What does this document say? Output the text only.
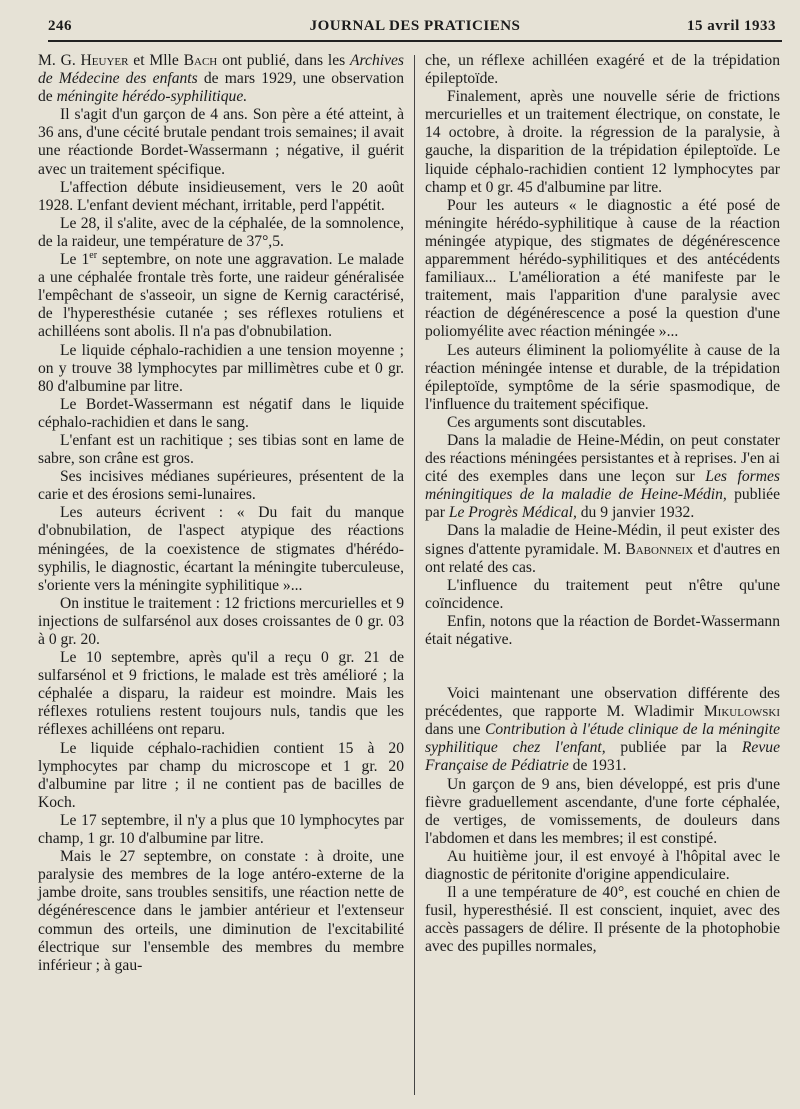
246	JOURNAL DES PRATICIENS	15 avril 1933

M. G. Heuyer et Mlle Bach ont publié, dans les Archives de Médecine des enfants de mars 1929, une observation de méningite hérédo-syphilitique.

Il s'agit d'un garçon de 4 ans. Son père a été atteint, à 36 ans, d'une cécité brutale pendant trois semaines; il avait une réactionde Bordet-Wassermann ; négative, il guérit avec un traitement spécifique.

L'affection débute insidieusement, vers le 20 août 1928. L'enfant devient méchant, irritable, perd l'appétit.

Le 28, il s'alite, avec de la céphalée, de la somnolence, de la raideur, une température de 37°,5.

Le 1er septembre, on note une aggravation. Le malade a une céphalée frontale très forte, une raideur généralisée l'empêchant de s'asseoir, un signe de Kernig caractérisé, de l'hyperesthésie cutanée ; ses réflexes rotuliens et achilléens sont abolis. Il n'a pas d'obnubilation.

Le liquide céphalo-rachidien a une tension moyenne ; on y trouve 38 lymphocytes par millimètres cube et 0 gr. 80 d'albumine par litre.

Le Bordet-Wassermann est négatif dans le liquide céphalo-rachidien et dans le sang.

L'enfant est un rachitique ; ses tibias sont en lame de sabre, son crâne est gros.

Ses incisives médianes supérieures, présentent de la carie et des érosions semi-lunaires.

Les auteurs écrivent : « Du fait du manque d'obnubilation, de l'aspect atypique des réactions méningées, de la coexistence de stigmates d'hérédo-syphilis, le diagnostic, écartant la méningite tuberculeuse, s'oriente vers la méningite syphilitique »...

On institue le traitement : 12 frictions mercurielles et 9 injections de sulfarsénol aux doses croissantes de 0 gr. 03 à 0 gr. 20.

Le 10 septembre, après qu'il a reçu 0 gr. 21 de sulfarsénol et 9 frictions, le malade est très amélioré ; la céphalée a disparu, la raideur est moindre. Mais les réflexes rotuliens restent toujours nuls, tandis que les réflexes achilléens ont reparu.

Le liquide céphalo-rachidien contient 15 à 20 lymphocytes par champ du microscope et 1 gr. 20 d'albumine par litre ; il ne contient pas de bacilles de Koch.

Le 17 septembre, il n'y a plus que 10 lymphocytes par champ, 1 gr. 10 d'albumine par litre.

Mais le 27 septembre, on constate : à droite, une paralysie des membres de la loge antéro-externe de la jambe droite, sans troubles sensitifs, une réaction nette de dégénérescence dans le jambier antérieur et l'extenseur commun des orteils, une diminution de l'excitabilité électrique sur l'ensemble des membres du membre inférieur ; à gau-

che, un réflexe achilléen exagéré et de la trépidation épileptoïde.

Finalement, après une nouvelle série de frictions mercurielles et un traitement électrique, on constate, le 14 octobre, à droite. la régression de la paralysie, à gauche, la disparition de la trépidation épileptoïde. Le liquide céphalo-rachidien contient 12 lymphocytes par champ et 0 gr. 45 d'albumine par litre.

Pour les auteurs « le diagnostic a été posé de méningite hérédo-syphilitique à cause de la réaction méningée atypique, des stigmates de dégénérescence apparemment hérédo-syphilitiques et des antécédents familiaux... L'amélioration a été manifeste par le traitement, mais l'apparition d'une paralysie avec réaction de dégénérescence a posé la question d'une poliomyélite avec réaction méningée »...

Les auteurs éliminent la poliomyélite à cause de la réaction méningée intense et durable, de la trépidation épileptoïde, symptôme de la série spasmodique, de l'influence du traitement spécifique.

Ces arguments sont discutables.

Dans la maladie de Heine-Médin, on peut constater des réactions méningées persistantes et à reprises. J'en ai cité des exemples dans une leçon sur Les formes méningitiques de la maladie de Heine-Médin, publiée par Le Progrès Médical, du 9 janvier 1932.

Dans la maladie de Heine-Médin, il peut exister des signes d'attente pyramidale. M. Babonneix et d'autres en ont relaté des cas.

L'influence du traitement peut n'être qu'une coïncidence.

Enfin, notons que la réaction de Bordet-Wassermann était négative.

Voici maintenant une observation différente des précédentes, que rapporte M. Wladimir Mikulowski dans une Contribution à l'étude clinique de la méningite syphilitique chez l'enfant, publiée par la Revue Française de Pédiatrie de 1931.

Un garçon de 9 ans, bien développé, est pris d'une fièvre graduellement ascendante, d'une forte céphalée, de vertiges, de vomissements, de douleurs dans l'abdomen et dans les membres; il est constipé.

Au huitième jour, il est envoyé à l'hôpital avec le diagnostic de péritonite d'origine appendiculaire.

Il a une température de 40°, est couché en chien de fusil, hyperesthésié. Il est conscient, inquiet, avec des accès passagers de délire. Il présente de la photophobie avec des pupilles normales,
